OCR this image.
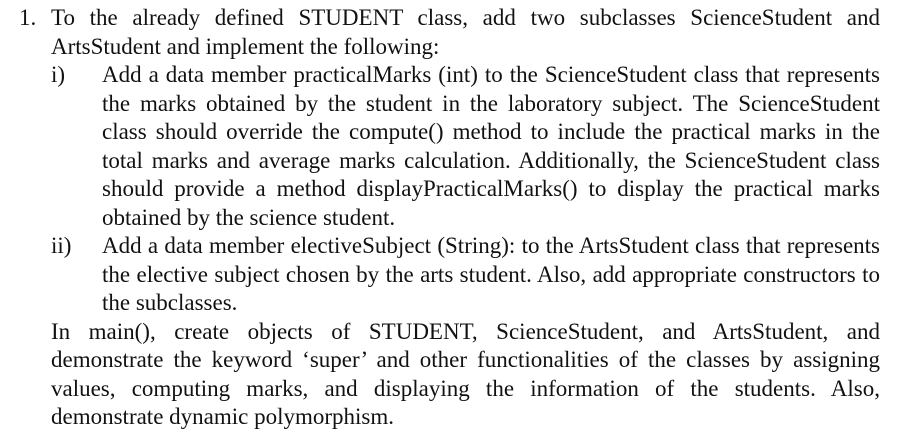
1. To the already defined STUDENT class, add two subclasses ScienceStudent and ArtsStudent and implement the following:

i) Add a data member practicalMarks (int) to the ScienceStudent class that represents the marks obtained by the student in the laboratory subject. The ScienceStudent class should override the compute() method to include the practical marks in the total marks and average marks calculation. Additionally, the ScienceStudent class should provide a method displayPracticalMarks() to display the practical marks obtained by the science student.

ii) Add a data member electiveSubject (String): to the ArtsStudent class that represents the elective subject chosen by the arts student. Also, add appropriate constructors to the subclasses.

In main(), create objects of STUDENT, ScienceStudent, and ArtsStudent, and demonstrate the keyword ‘super’ and other functionalities of the classes by assigning values, computing marks, and displaying the information of the students. Also, demonstrate dynamic polymorphism.
